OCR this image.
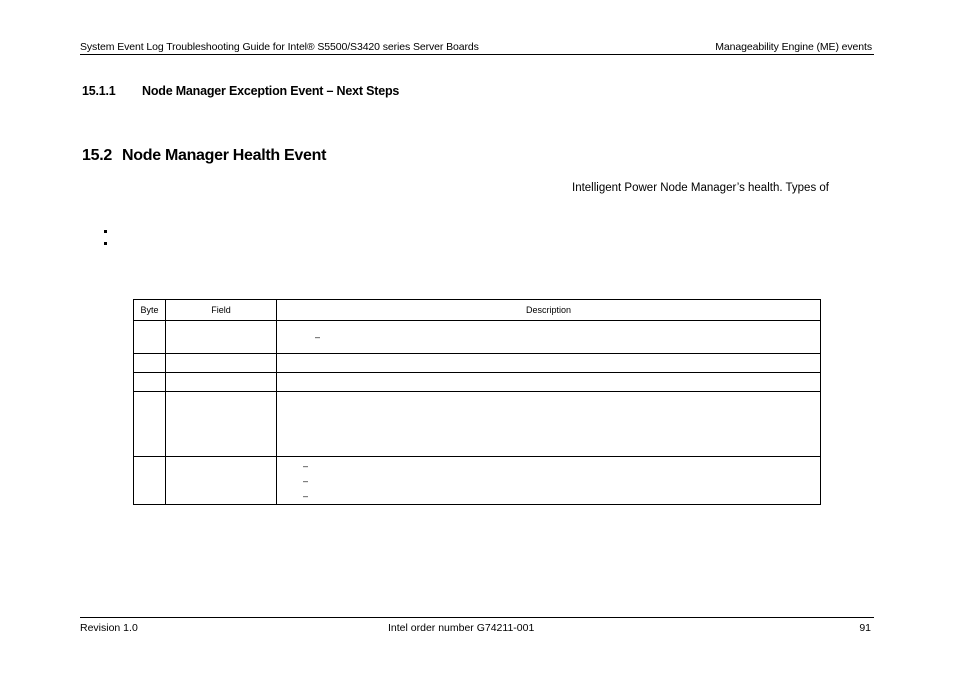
System Event Log Troubleshooting Guide for Intel® S5500/S3420 series Server Boards	Manageability Engine (ME) events
15.1.1 Node Manager Exception Event – Next Steps
15.2 Node Manager Health Event
Intelligent Power Node Manager’s health. Types of
Byte	Field	Description

		–

		–
–
–
Revision 1.0	Intel order number G74211-001	91
